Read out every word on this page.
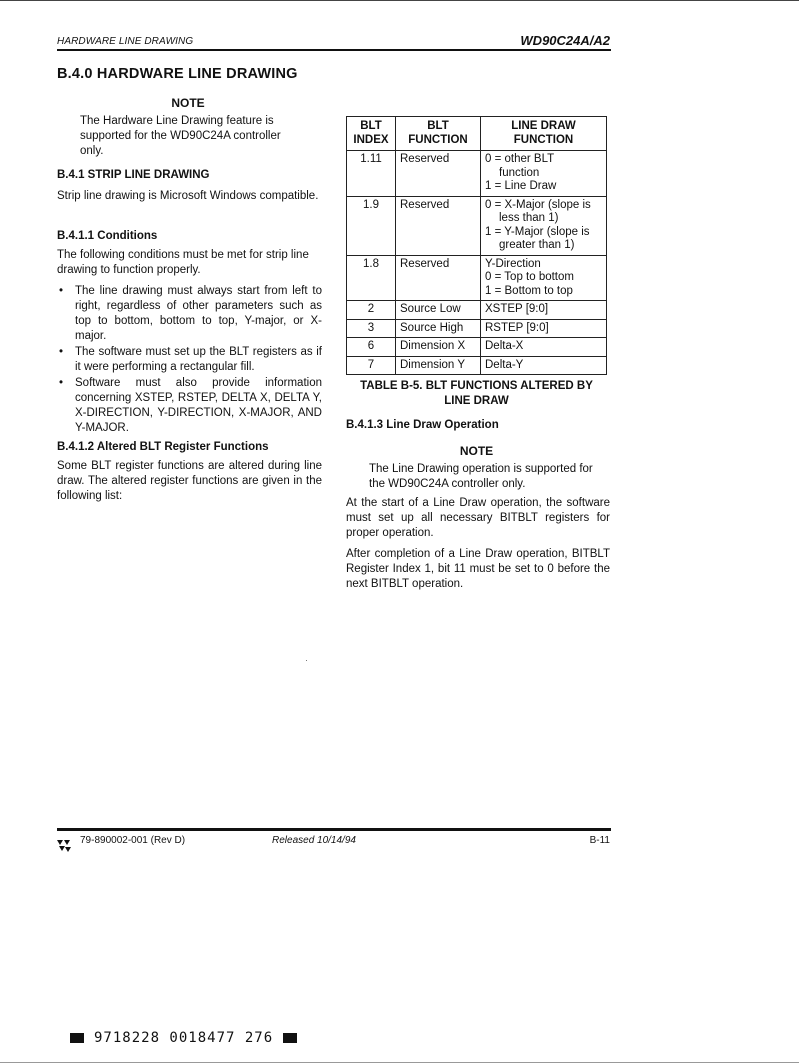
HARDWARE LINE DRAWING	WD90C24A/A2
B.4.0 HARDWARE LINE DRAWING
NOTE
The Hardware Line Drawing feature is supported for the WD90C24A controller only.
B.4.1 STRIP LINE DRAWING
Strip line drawing is Microsoft Windows compatible.
B.4.1.1 Conditions
The following conditions must be met for strip line drawing to function properly.
• The line drawing must always start from left to right, regardless of other parameters such as top to bottom, bottom to top, Y-major, or X-major.
• The software must set up the BLT registers as if it were performing a rectangular fill.
• Software must also provide information concerning XSTEP, RSTEP, DELTA X, DELTA Y, X-DIRECTION, Y-DIRECTION, X-MAJOR, AND Y-MAJOR.
B.4.1.2 Altered BLT Register Functions
Some BLT register functions are altered during line draw. The altered register functions are given in the following list:
BLT INDEX	BLT FUNCTION	LINE DRAW FUNCTION
1.11	Reserved	0 = other BLT
function
1 = Line Draw

1.9	Reserved	0 = X-Major (slope is
less than 1)
1 = Y-Major (slope is
greater than 1)

1.8	Reserved	Y-Direction
0 = Top to bottom
1 = Bottom to top

2	Source Low	XSTEP [9:0]
3	Source High	RSTEP [9:0]
6	Dimension X	Delta-X
7	Dimension Y	Delta-Y
TABLE B-5. BLT FUNCTIONS ALTERED BY LINE DRAW
B.4.1.3 Line Draw Operation
NOTE
The Line Drawing operation is supported for the WD90C24A controller only.
At the start of a Line Draw operation, the software must set up all necessary BITBLT registers for proper operation.
After completion of a Line Draw operation, BITBLT Register Index 1, bit 11 must be set to 0 before the next BITBLT operation.
79-890002-001 (Rev D)	Released 10/14/94	B-11
9718228 0018477 276
